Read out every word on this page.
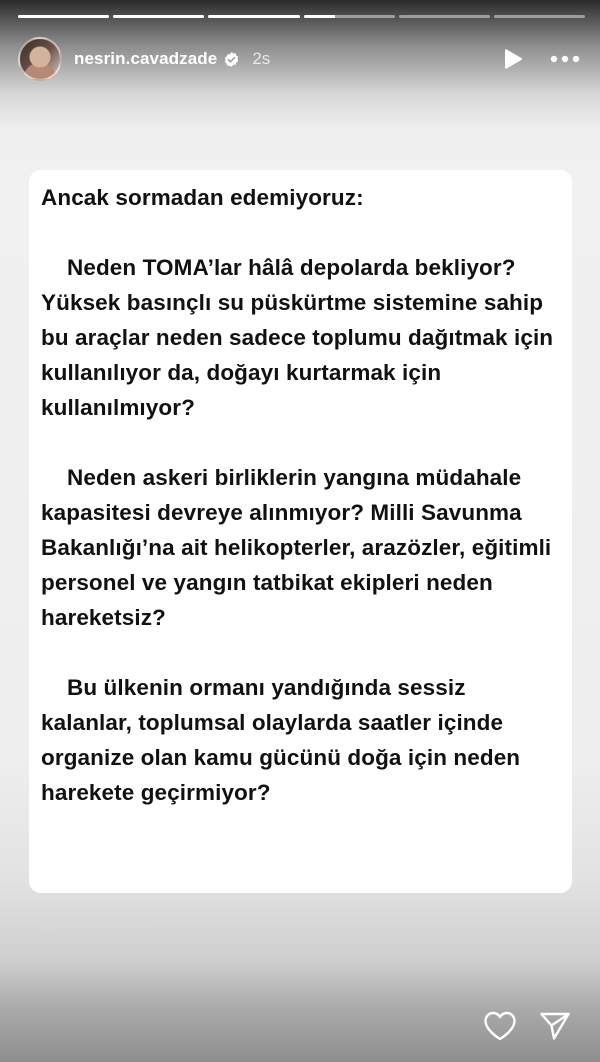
nesrin.cavadzade 2s

Ancak sormadan edemiyoruz:

Neden TOMA’lar hâlâ depolarda bekliyor? Yüksek basınçlı su püskürtme sistemine sahip bu araçlar neden sadece toplumu dağıtmak için kullanılıyor da, doğayı kurtarmak için kullanılmıyor?

Neden askeri birliklerin yangına müdahale kapasitesi devreye alınmıyor? Milli Savunma Bakanlığı’na ait helikopterler, arazözler, eğitimli personel ve yangın tatbikat ekipleri neden hareketsiz?

Bu ülkenin ormanı yandığında sessiz kalanlar, toplumsal olaylarda saatler içinde organize olan kamu gücünü doğa için neden harekete geçirmiyor?

@mahmuttanal
